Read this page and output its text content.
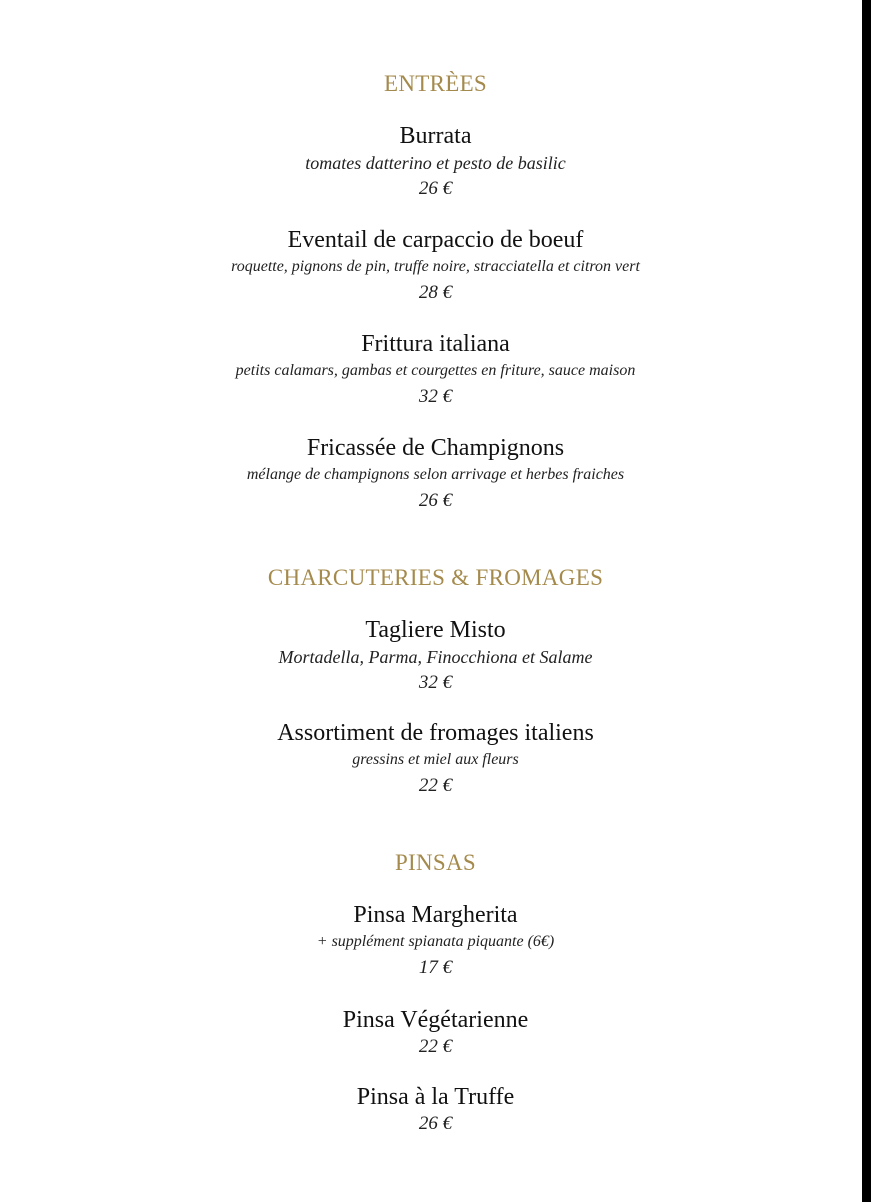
ENTRÈES
Burrata
tomates datterino et pesto de basilic
26 €
Eventail de carpaccio de boeuf
roquette, pignons de pin, truffe noire, stracciatella et citron vert
28 €
Frittura italiana
petits calamars, gambas et courgettes en friture, sauce maison
32 €
Fricassée de Champignons
mélange de champignons selon arrivage et herbes fraiches
26 €
CHARCUTERIES & FROMAGES
Tagliere Misto
Mortadella, Parma, Finocchiona et Salame
32 €
Assortiment de fromages italiens
gressins et miel aux fleurs
22 €
PINSAS
Pinsa Margherita
+ supplément spianata piquante (6€)
17 €
Pinsa Végétarienne
22 €
Pinsa à la Truffe
26 €
